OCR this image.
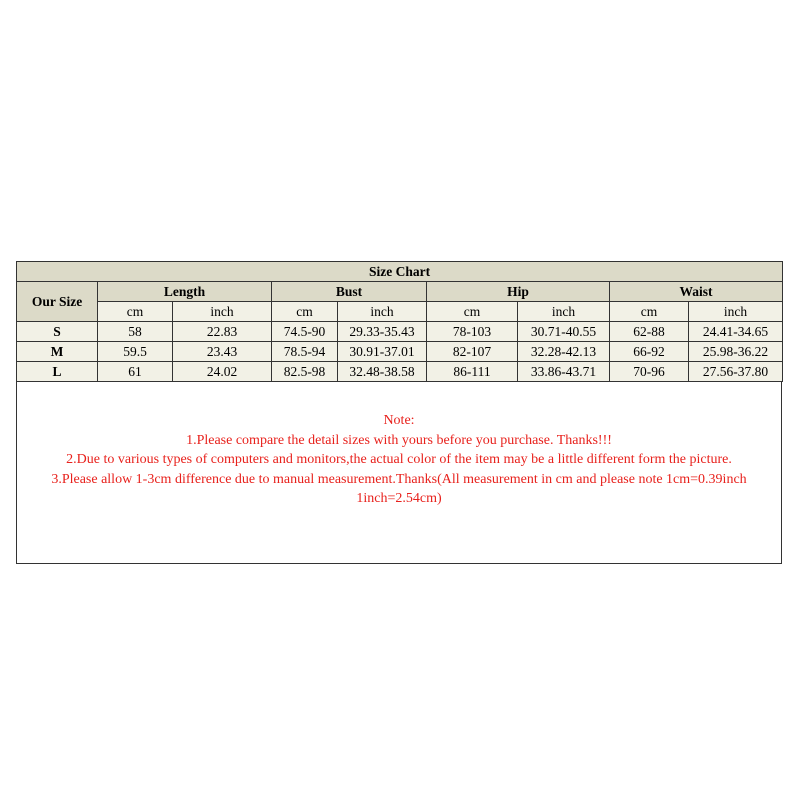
Size Chart								
Our Size	Length		Bust		Hip		Waist	
	cm	inch	cm	inch	cm	inch	cm	inch
S	58	22.83	74.5-90	29.33-35.43	78-103	30.71-40.55	62-88	24.41-34.65
M	59.5	23.43	78.5-94	30.91-37.01	82-107	32.28-42.13	66-92	25.98-36.22
L	61	24.02	82.5-98	32.48-38.58	86-111	33.86-43.71	70-96	27.56-37.80
Note:
1.Please compare the detail sizes with yours before you purchase. Thanks!!!
2.Due to various types of computers and monitors,the actual color of the item may be a little different form the picture.
3.Please allow 1-3cm difference due to manual measurement.Thanks(All measurement in cm and please note 1cm=0.39inch 1inch=2.54cm)
